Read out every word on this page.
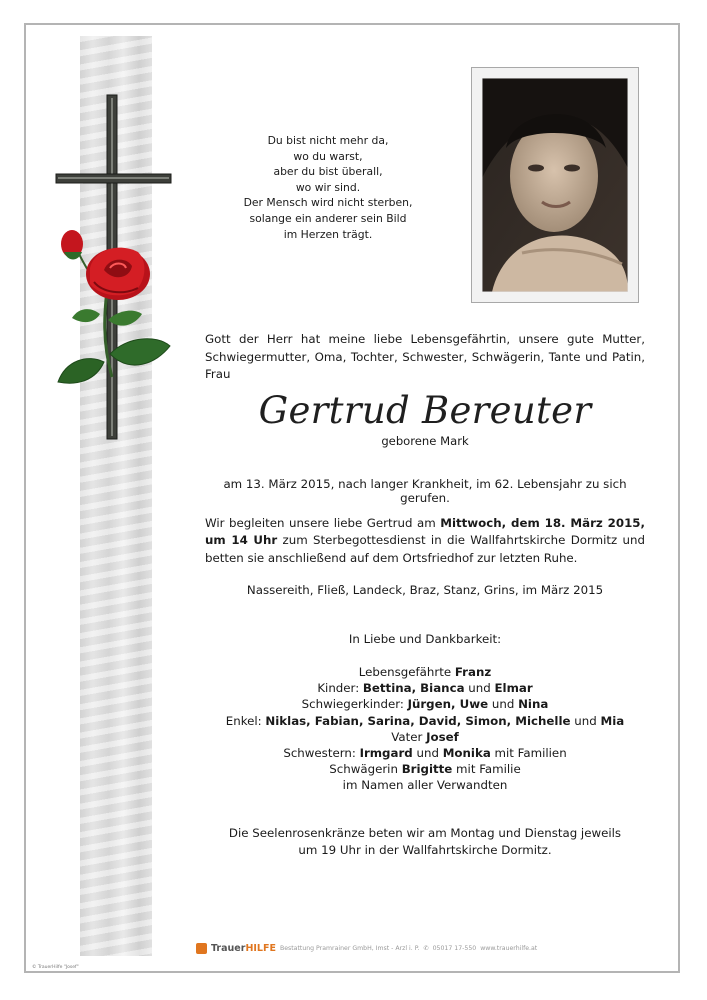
Du bist nicht mehr da,
wo du warst,
aber du bist überall,
wo wir sind.
Der Mensch wird nicht sterben,
solange ein anderer sein Bild
im Herzen trägt.
Gott der Herr hat meine liebe Lebensgefährtin, unsere gute Mutter, Schwiegermutter, Oma, Tochter, Schwester, Schwägerin, Tante und Patin, Frau
Gertrud Bereuter
geborene Mark
am 13. März 2015, nach langer Krankheit, im 62. Lebensjahr zu sich gerufen.
Wir begleiten unsere liebe Gertrud am Mittwoch, dem 18. März 2015, um 14 Uhr zum Sterbegottesdienst in die Wallfahrtskirche Dormitz und betten sie anschließend auf dem Ortsfriedhof zur letzten Ruhe.
Nassereith, Fließ, Landeck, Braz, Stanz, Grins, im März 2015
In Liebe und Dankbarkeit:
Lebensgefährte Franz
Kinder: Bettina, Bianca und Elmar
Schwiegerkinder: Jürgen, Uwe und Nina
Enkel: Niklas, Fabian, Sarina, David, Simon, Michelle und Mia
Vater Josef
Schwestern: Irmgard und Monika mit Familien
Schwägerin Brigitte mit Familie
im Namen aller Verwandten
Die Seelenrosenkränze beten wir am Montag und Dienstag jeweils
um 19 Uhr in der Wallfahrtskirche Dormitz.
TrauerHILFE Bestattung Pramrainer GmbH, Imst - Arzl i. P. ✆ 05017 17-550 www.trauerhilfe.at
© TrauerHilfe "Josef"
